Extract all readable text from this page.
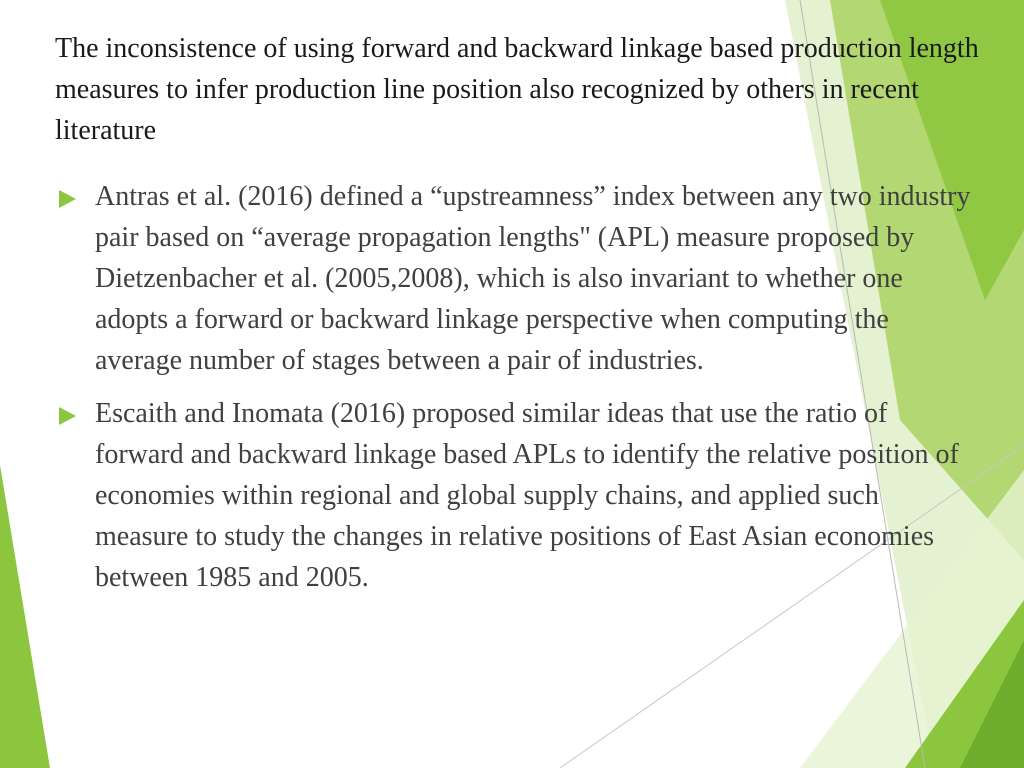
The inconsistence of using forward and backward linkage based production length measures to infer production line position also recognized by others in recent literature
Antras et al. (2016) defined a “upstreamness” index between any two industry pair based on “average propagation lengths" (APL) measure proposed by Dietzenbacher et al. (2005,2008), which is also invariant to whether one adopts a forward or backward linkage perspective when computing the average number of stages between a pair of industries.
Escaith and Inomata (2016) proposed similar ideas that use the ratio of forward and backward linkage based APLs to identify the relative position of economies within regional and global supply chains, and applied such measure to study the changes in relative positions of East Asian economies between 1985 and 2005.
